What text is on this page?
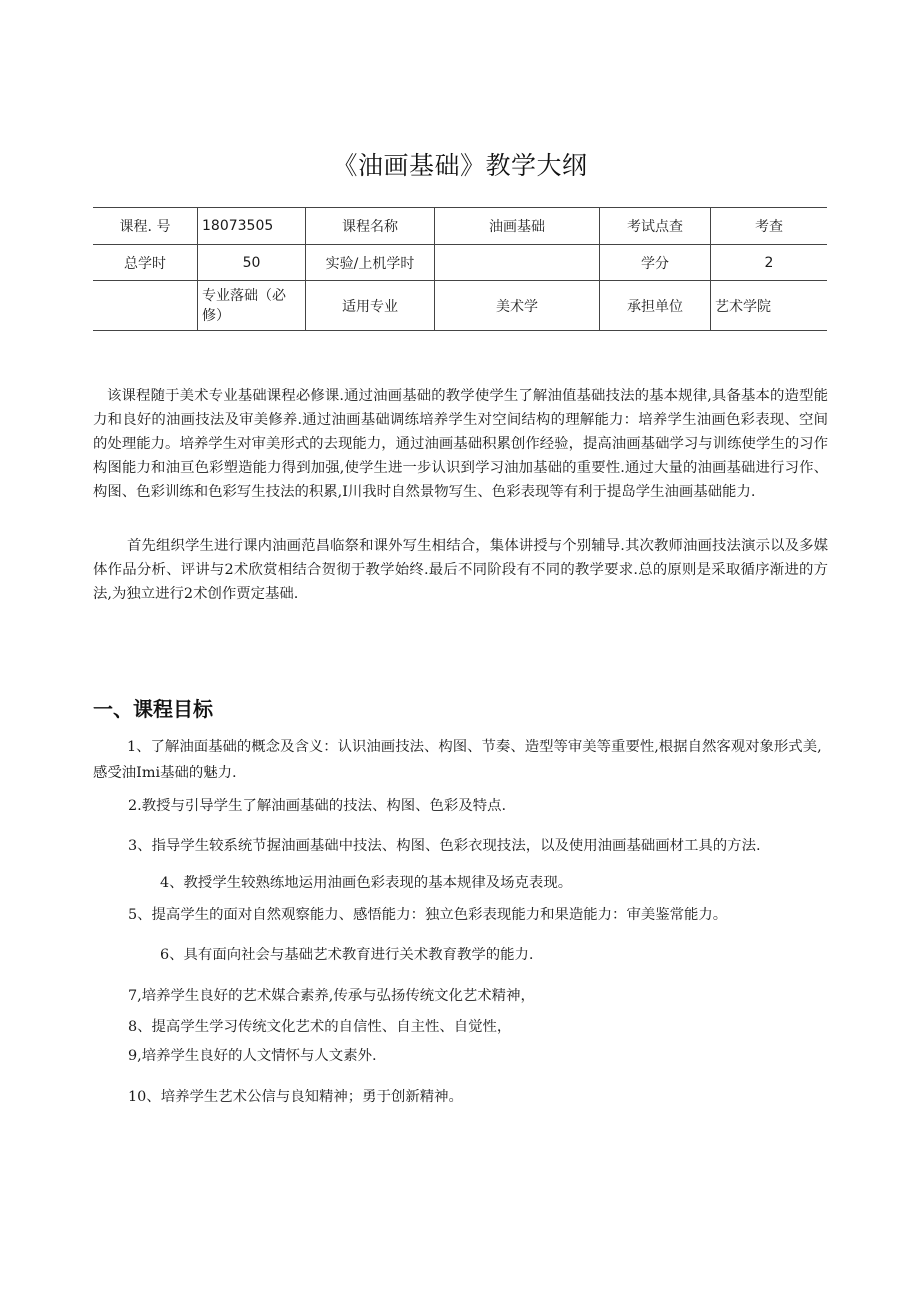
《油画基础》教学大纲
课程. 号	18073505	课程名称	油画基础	考试点查	考查
总学时	50	实验/上机学时		学分	2
	专业落础（必修）	适用专业	美术学	承担单位	艺术学院

该课程随于美术专业基础课程必修课.通过油画基础的教学使学生了解油值基础技法的基本规律,具备基本的造型能力和良好的油画技法及审美修养.通过油画基础调练培养学生对空间结构的理解能力：培养学生油画色彩表现、空间的处理能力。培养学生对审美形式的去现能力，通过油画基础积累创作经验，提高油画基础学习与训练使学生的习作构图能力和油亘色彩塑造能力得到加强,使学生进一步认识到学习油加基础的重要性.通过大量的油画基础进行习作、构图、色彩训练和色彩写生技法的积累,Ⅰ川我时自然景物写生、色彩表现等有利于提岛学生油画基础能力.

首先组织学生进行课内油画范昌临祭和课外写生相结合，集体讲授与个别辅导.其次教师油画技法演示以及多媒体作品分析、评讲与2术欣赏相结合贺彻于教学始终.最后不同阶段有不同的教学要求.总的原则是采取循序渐进的方法,为独立进行2术创作贾定基础.

一、课程目标

1、了解油面基础的概念及含义：认识油画技法、构图、节奏、造型等审美等重要性,根据自然客观对象形式美,感受油Imi基础的魅力.

2.教授与引导学生了解油画基础的技法、构图、色彩及特点.

3、指导学生较系统节握油画基础中技法、构图、色彩衣现技法，以及使用油画基础画材工具的方法.

4、教授学生较熟练地运用油画色彩表现的基本规律及场克表现。

5、提高学生的面对自然观察能力、感悟能力：独立色彩表现能力和果造能力：审美鉴常能力。

6、具有面向社会与基础艺术教育进行关术教育教学的能力.

7,培养学生良好的艺术媒合素养,传承与弘扬传统文化艺术精神，

8、提高学生学习传统文化艺术的自信性、自主性、自觉性，

9,培养学生良好的人文情怀与人文素外.

10、培养学生艺术公信与良知精神；勇于创新精神。
